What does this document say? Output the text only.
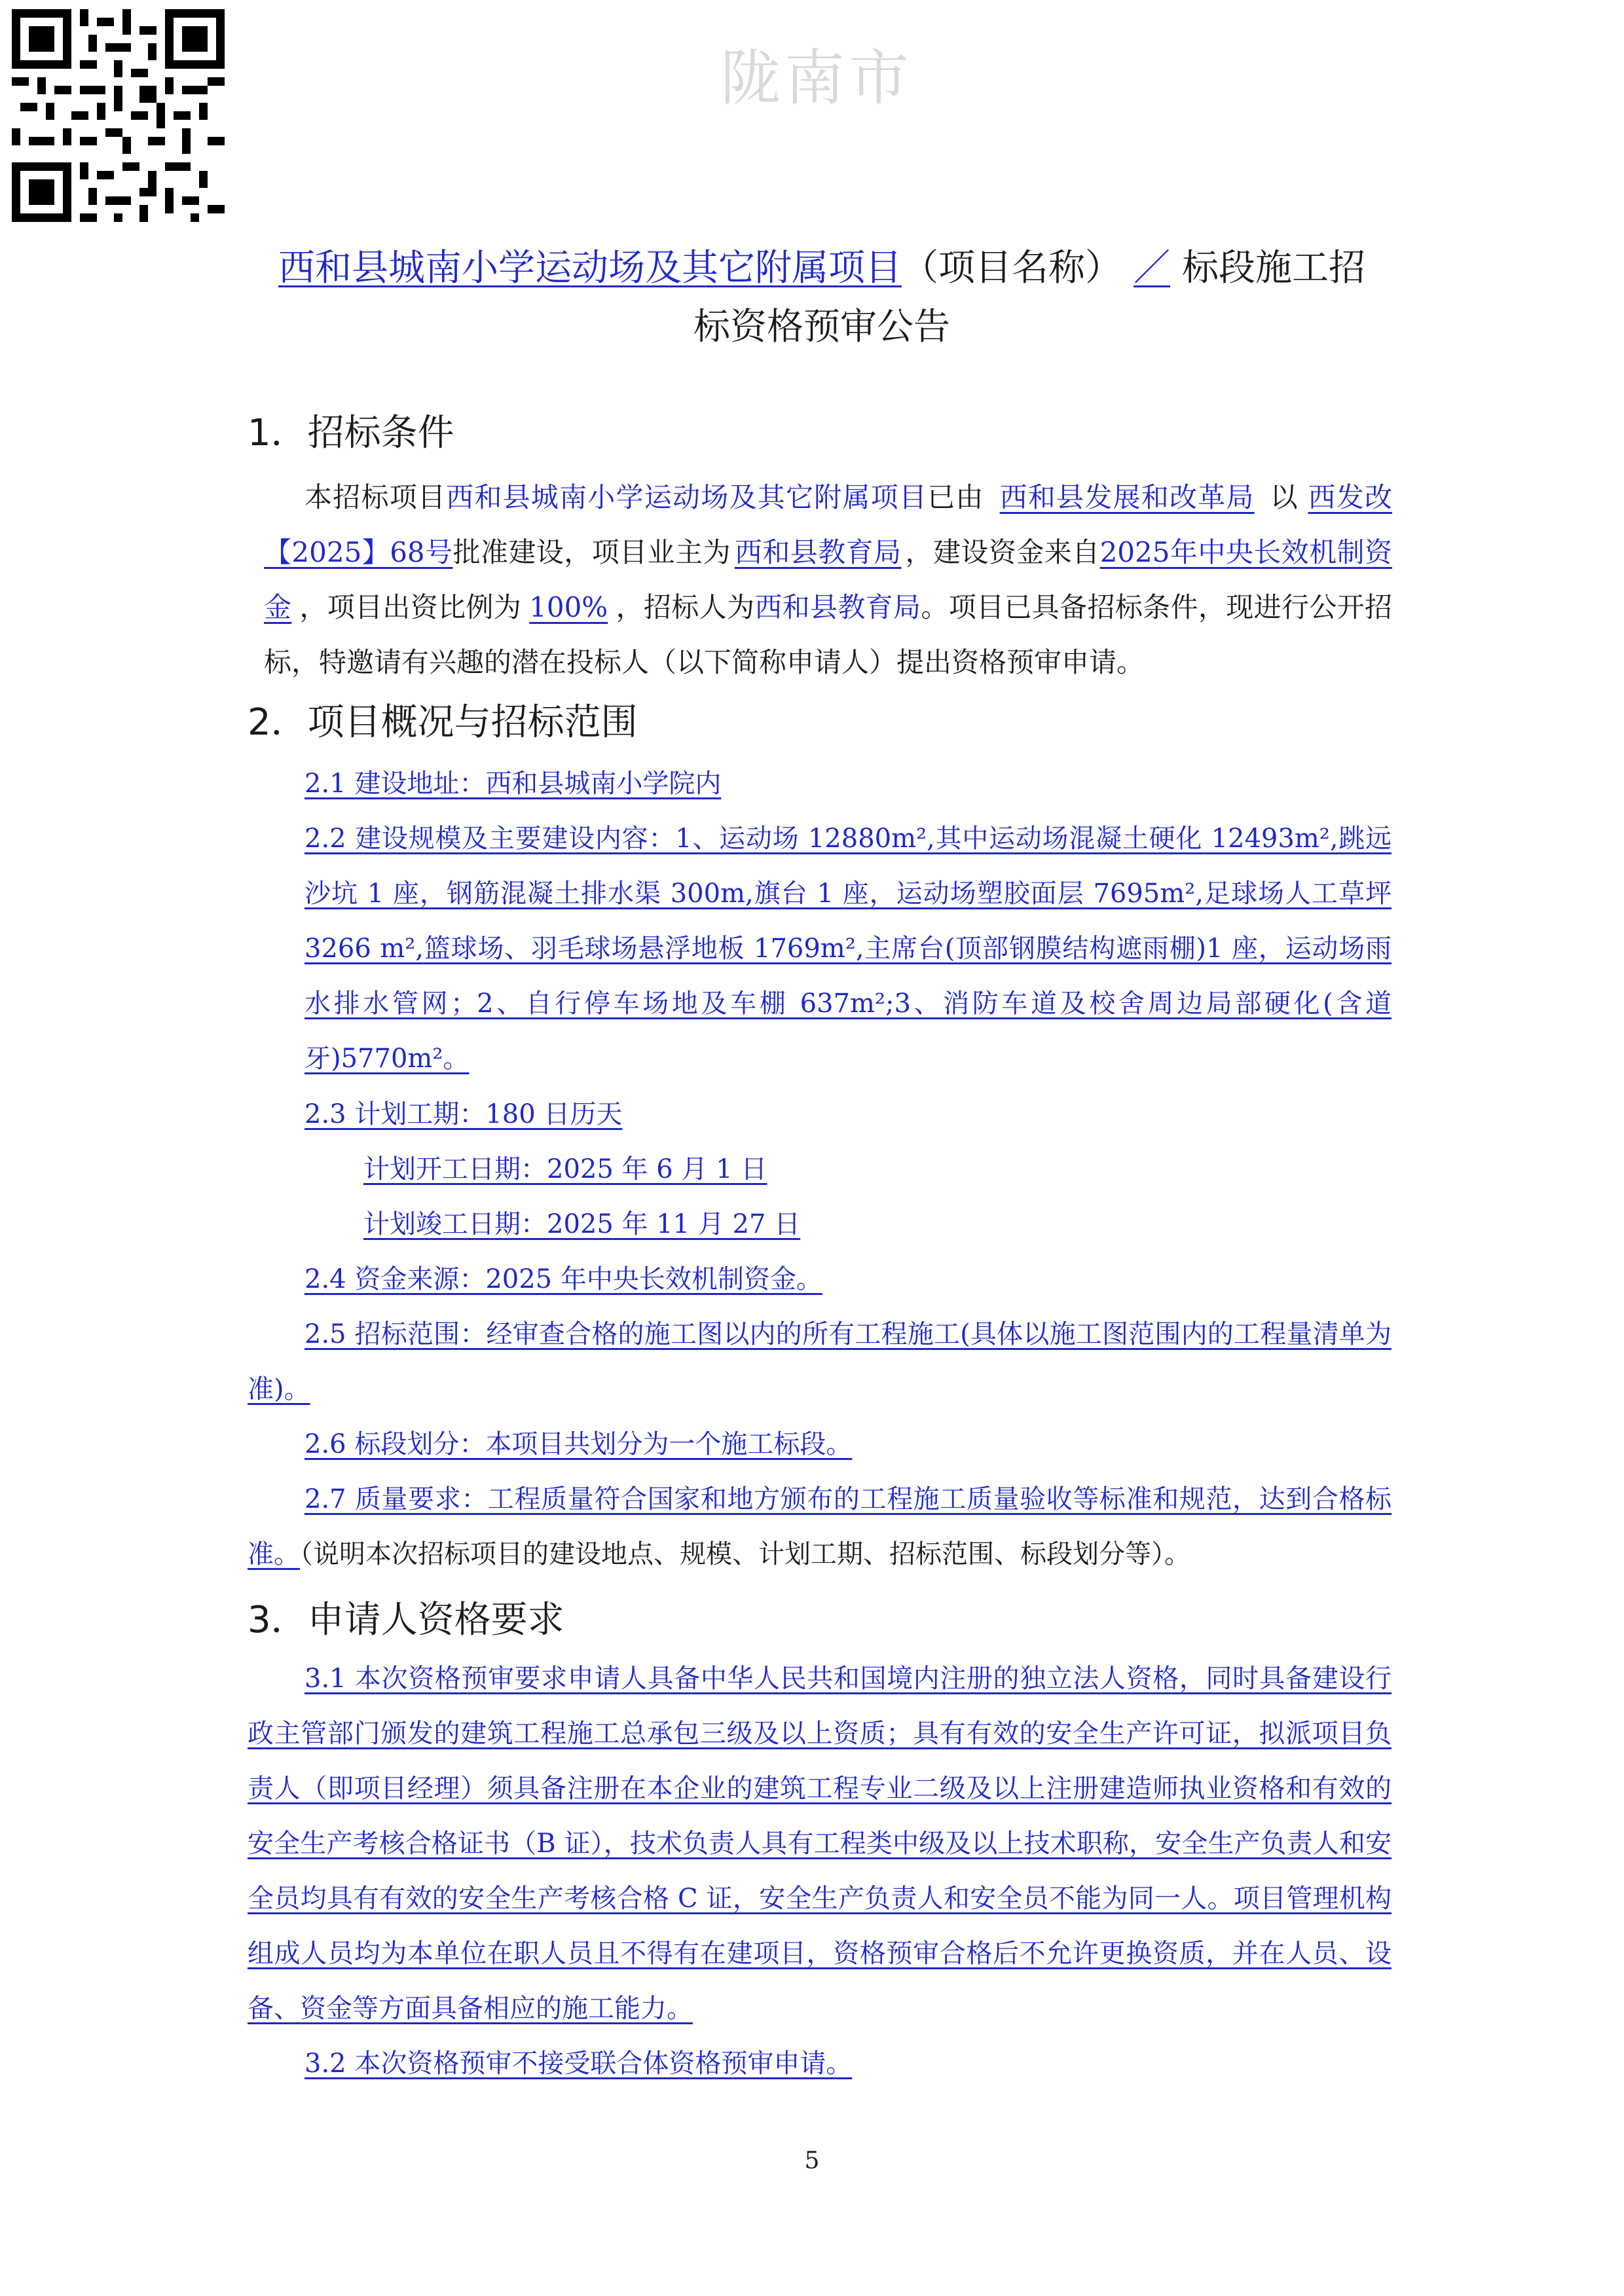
陇南市
西和县城南小学运动场及其它附属项目（项目名称） ／ 标段施工招
标资格预审公告
1．招标条件
本招标项目西和县城南小学运动场及其它附属项目已由 西和县发展和改革局 以 西发改【2025】68号批准建设，项目业主为 西和县教育局 ，建设资金来自2025年中央长效机制资金 ，项目出资比例为 100% ，招标人为西和县教育局。项目已具备招标条件，现进行公开招标，特邀请有兴趣的潜在投标人（以下简称申请人）提出资格预审申请。
2．项目概况与招标范围
2.1 建设地址：西和县城南小学院内
2.2 建设规模及主要建设内容：1、运动场 12880m²,其中运动场混凝土硬化 12493m²,跳远沙坑 1 座，钢筋混凝土排水渠 300m,旗台 1 座，运动场塑胶面层 7695m²,足球场人工草坪 3266 m²,篮球场、羽毛球场悬浮地板 1769m²,主席台(顶部钢膜结构遮雨棚)1 座，运动场雨水排水管网；2、自行停车场地及车棚 637m²;3、消防车道及校舍周边局部硬化(含道牙)5770m²。
2.3 计划工期：180 日历天
计划开工日期：2025 年 6 月 1 日
计划竣工日期：2025 年 11 月 27 日
2.4 资金来源：2025 年中央长效机制资金。
2.5 招标范围：经审查合格的施工图以内的所有工程施工(具体以施工图范围内的工程量清单为准)。
2.6 标段划分：本项目共划分为一个施工标段。
2.7 质量要求：工程质量符合国家和地方颁布的工程施工质量验收等标准和规范，达到合格标准。（说明本次招标项目的建设地点、规模、计划工期、招标范围、标段划分等）。
3．申请人资格要求
3.1 本次资格预审要求申请人具备中华人民共和国境内注册的独立法人资格，同时具备建设行政主管部门颁发的建筑工程施工总承包三级及以上资质；具有有效的安全生产许可证，拟派项目负责人（即项目经理）须具备注册在本企业的建筑工程专业二级及以上注册建造师执业资格和有效的安全生产考核合格证书（B 证），技术负责人具有工程类中级及以上技术职称，安全生产负责人和安全员均具有有效的安全生产考核合格 C 证，安全生产负责人和安全员不能为同一人。项目管理机构组成人员均为本单位在职人员且不得有在建项目，资格预审合格后不允许更换资质，并在人员、设备、资金等方面具备相应的施工能力。
3.2 本次资格预审不接受联合体资格预审申请。
5
